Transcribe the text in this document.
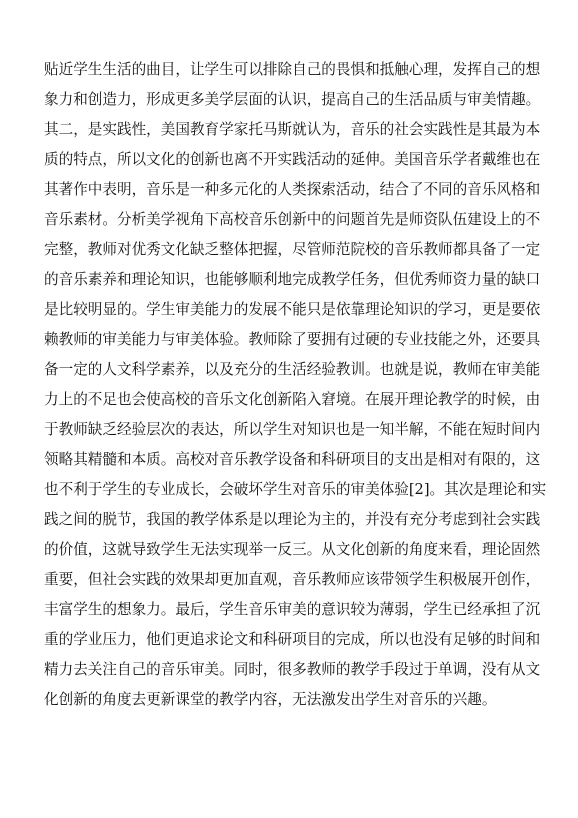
贴近学生生活的曲目，让学生可以排除自己的畏惧和抵触心理，发挥自己的想
象力和创造力，形成更多美学层面的认识，提高自己的生活品质与审美情趣。
其二，是实践性，美国教育学家托马斯就认为，音乐的社会实践性是其最为本
质的特点，所以文化的创新也离不开实践活动的延伸。美国音乐学者戴维也在
其著作中表明，音乐是一种多元化的人类探索活动，结合了不同的音乐风格和
音乐素材。分析美学视角下高校音乐创新中的问题首先是师资队伍建设上的不
完整，教师对优秀文化缺乏整体把握，尽管师范院校的音乐教师都具备了一定
的音乐素养和理论知识，也能够顺利地完成教学任务，但优秀师资力量的缺口
是比较明显的。学生审美能力的发展不能只是依靠理论知识的学习，更是要依
赖教师的审美能力与审美体验。教师除了要拥有过硬的专业技能之外，还要具
备一定的人文科学素养，以及充分的生活经验教训。也就是说，教师在审美能
力上的不足也会使高校的音乐文化创新陷入窘境。在展开理论教学的时候，由
于教师缺乏经验层次的表达，所以学生对知识也是一知半解，不能在短时间内
领略其精髓和本质。高校对音乐教学设备和科研项目的支出是相对有限的，这
也不利于学生的专业成长，会破坏学生对音乐的审美体验[2]。其次是理论和实
践之间的脱节，我国的教学体系是以理论为主的，并没有充分考虑到社会实践
的价值，这就导致学生无法实现举一反三。从文化创新的角度来看，理论固然
重要，但社会实践的效果却更加直观，音乐教师应该带领学生积极展开创作，
丰富学生的想象力。最后，学生音乐审美的意识较为薄弱，学生已经承担了沉
重的学业压力，他们更追求论文和科研项目的完成，所以也没有足够的时间和
精力去关注自己的音乐审美。同时，很多教师的教学手段过于单调，没有从文
化创新的角度去更新课堂的教学内容，无法激发出学生对音乐的兴趣。
